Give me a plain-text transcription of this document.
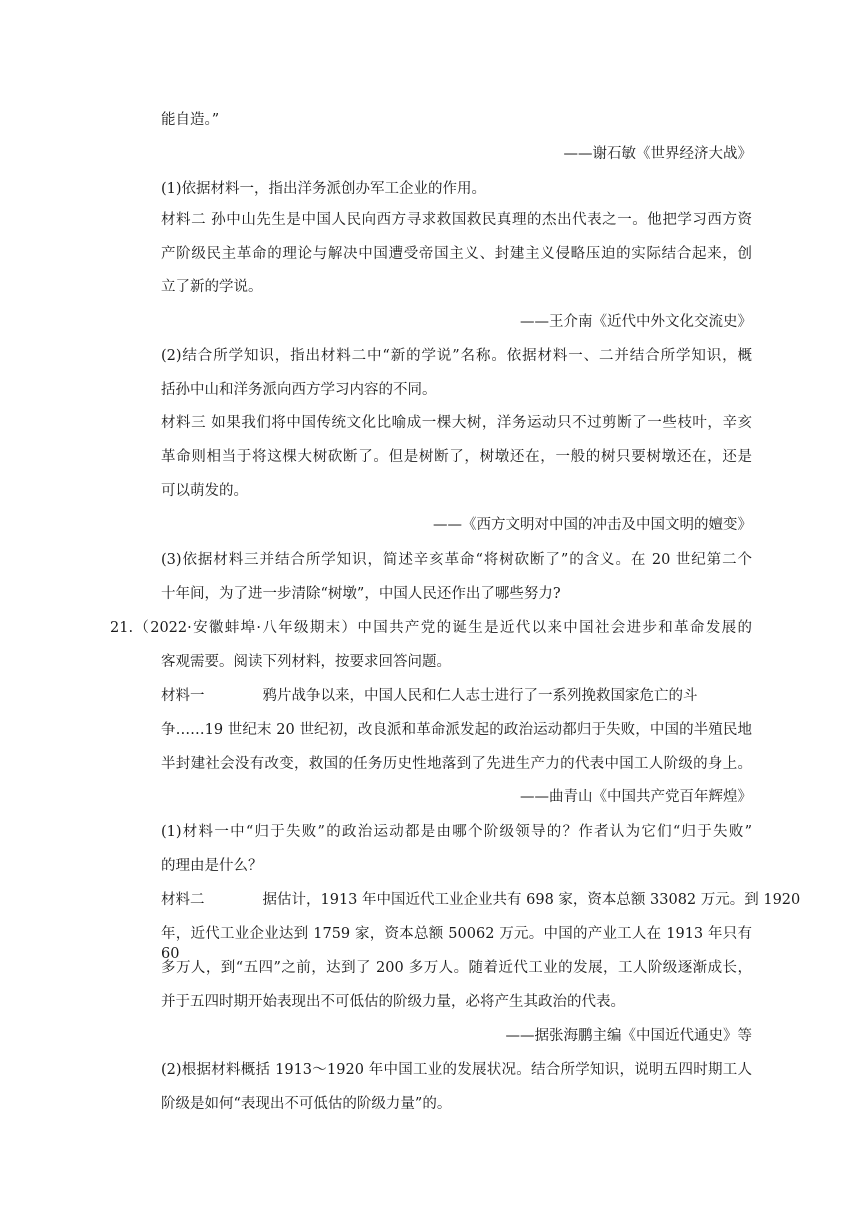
能自造。”
——谢石敏《世界经济大战》
(1)依据材料一，指出洋务派创办军工企业的作用。
材料二 孙中山先生是中国人民向西方寻求救国救民真理的杰出代表之一。他把学习西方资
产阶级民主革命的理论与解决中国遭受帝国主义、封建主义侵略压迫的实际结合起来，创
立了新的学说。
——王介南《近代中外文化交流史》
(2)结合所学知识，指出材料二中“新的学说”名称。依据材料一、二并结合所学知识，概
括孙中山和洋务派向西方学习内容的不同。
材料三 如果我们将中国传统文化比喻成一棵大树，洋务运动只不过剪断了一些枝叶，辛亥
革命则相当于将这棵大树砍断了。但是树断了，树墩还在，一般的树只要树墩还在，还是
可以萌发的。
——《西方文明对中国的冲击及中国文明的嬗变》
(3)依据材料三并结合所学知识，简述辛亥革命“将树砍断了”的含义。在 20 世纪第二个
十年间，为了进一步清除“树墩”，中国人民还作出了哪些努力?
21.（2022·安徽蚌埠·八年级期末）中国共产党的诞生是近代以来中国社会进步和革命发展的
客观需要。阅读下列材料，按要求回答问题。
材料一	鸦片战争以来，中国人民和仁人志士进行了一系列挽救国家危亡的斗
争……19 世纪末 20 世纪初，改良派和革命派发起的政治运动都归于失败，中国的半殖民地
半封建社会没有改变，救国的任务历史性地落到了先进生产力的代表中国工人阶级的身上。
——曲青山《中国共产党百年辉煌》
(1)材料一中“归于失败”的政治运动都是由哪个阶级领导的？作者认为它们“归于失败”
的理由是什么？
材料二	据估计，1913 年中国近代工业企业共有 698 家，资本总额 33082 万元。到 1920
年，近代工业企业达到 1759 家，资本总额 50062 万元。中国的产业工人在 1913 年只有 60
多万人，到“五四”之前，达到了 200 多万人。随着近代工业的发展，工人阶级逐渐成长，
并于五四时期开始表现出不可低估的阶级力量，必将产生其政治的代表。
——据张海鹏主编《中国近代通史》等
(2)根据材料概括 1913～1920 年中国工业的发展状况。结合所学知识，说明五四时期工人
阶级是如何“表现出不可低估的阶级力量”的。
